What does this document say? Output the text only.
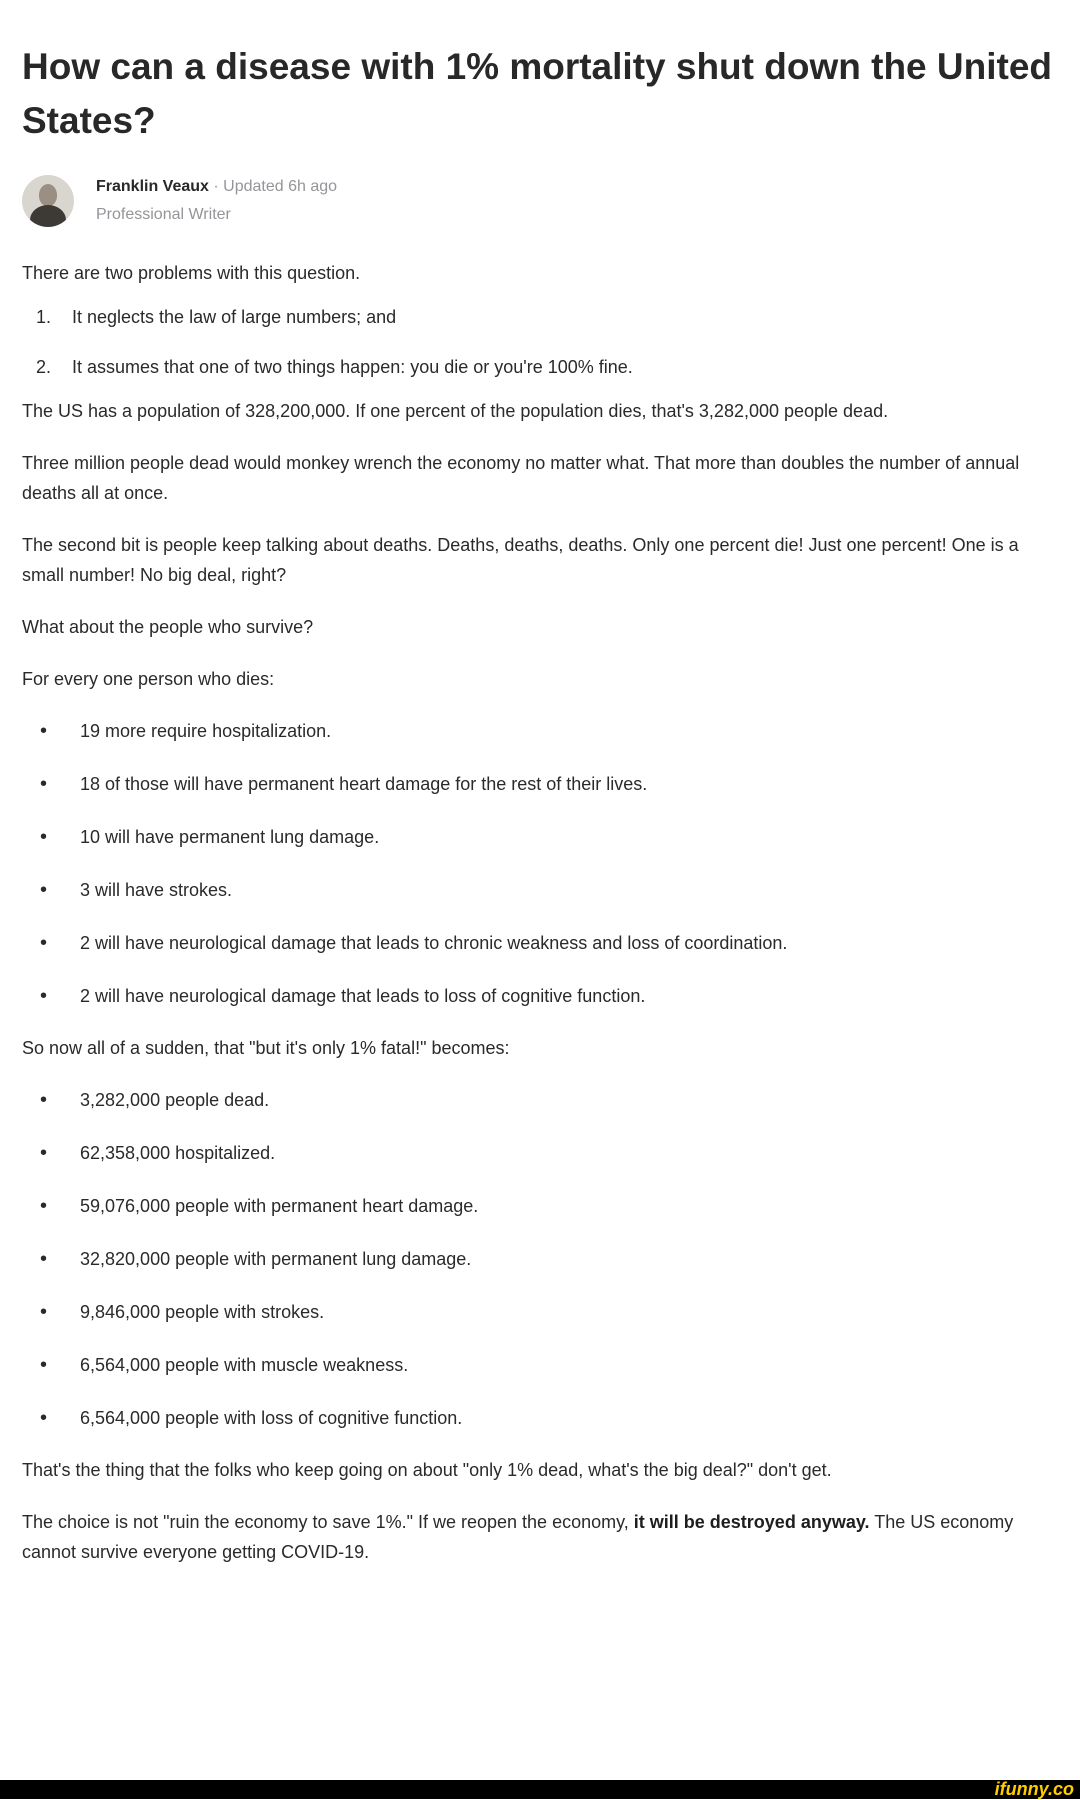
How can a disease with 1% mortality shut down the United States?
Franklin Veaux · Updated 6h ago
Professional Writer

There are two problems with this question.

1.	It neglects the law of large numbers; and
2.	It assumes that one of two things happen: you die or you're 100% fine.

The US has a population of 328,200,000. If one percent of the population dies, that's 3,282,000 people dead.

Three million people dead would monkey wrench the economy no matter what. That more than doubles the number of annual deaths all at once.

The second bit is people keep talking about deaths. Deaths, deaths, deaths. Only one percent die! Just one percent! One is a small number! No big deal, right?

What about the people who survive?

For every one person who dies:

•	19 more require hospitalization.
•	18 of those will have permanent heart damage for the rest of their lives.
•	10 will have permanent lung damage.
•	3 will have strokes.
•	2 will have neurological damage that leads to chronic weakness and loss of coordination.
•	2 will have neurological damage that leads to loss of cognitive function.

So now all of a sudden, that "but it's only 1% fatal!" becomes:

•	3,282,000 people dead.
•	62,358,000 hospitalized.
•	59,076,000 people with permanent heart damage.
•	32,820,000 people with permanent lung damage.
•	9,846,000 people with strokes.
•	6,564,000 people with muscle weakness.
•	6,564,000 people with loss of cognitive function.

That's the thing that the folks who keep going on about "only 1% dead, what's the big deal?" don't get.

The choice is not "ruin the economy to save 1%." If we reopen the economy, it will be destroyed anyway. The US economy cannot survive everyone getting COVID-19.

ifunny.co
